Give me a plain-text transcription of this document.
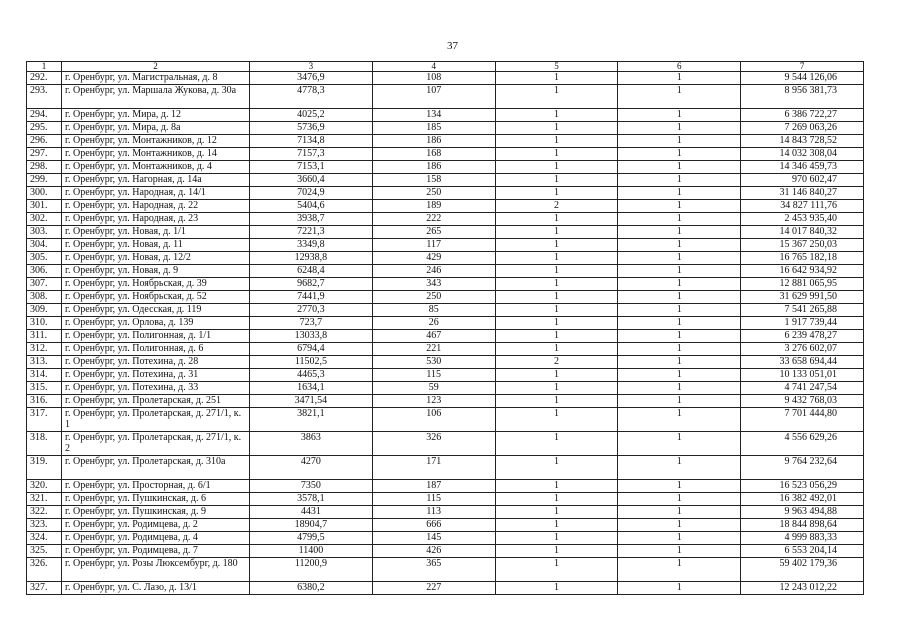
37
1	2	3	4	5	6	7
292.	г. Оренбург, ул. Магистральная, д. 8	3476,9	108	1	1	9 544 126,06
293.	г. Оренбург, ул. Маршала Жукова, д. 30а	4778,3	107	1	1	8 956 381,73
294.	г. Оренбург, ул. Мира, д. 12	4025,2	134	1	1	6 386 722,27
295.	г. Оренбург, ул. Мира, д. 8а	5736,9	185	1	1	7 269 063,26
296.	г. Оренбург, ул. Монтажников, д. 12	7134,8	186	1	1	14 843 728,52
297.	г. Оренбург, ул. Монтажников, д. 14	7157,3	168	1	1	14 032 308,04
298.	г. Оренбург, ул. Монтажников, д. 4	7153,1	186	1	1	14 346 459,73
299.	г. Оренбург, ул. Нагорная, д. 14а	3660,4	158	1	1	970 602,47
300.	г. Оренбург, ул. Народная, д. 14/1	7024,9	250	1	1	31 146 840,27
301.	г. Оренбург, ул. Народная, д. 22	5404,6	189	2	1	34 827 111,76
302.	г. Оренбург, ул. Народная, д. 23	3938,7	222	1	1	2 453 935,40
303.	г. Оренбург, ул. Новая, д. 1/1	7221,3	265	1	1	14 017 840,32
304.	г. Оренбург, ул. Новая, д. 11	3349,8	117	1	1	15 367 250,03
305.	г. Оренбург, ул. Новая, д. 12/2	12938,8	429	1	1	16 765 182,18
306.	г. Оренбург, ул. Новая, д. 9	6248,4	246	1	1	16 642 934,92
307.	г. Оренбург, ул. Ноябрьская, д. 39	9682,7	343	1	1	12 881 065,95
308.	г. Оренбург, ул. Ноябрьская, д. 52	7441,9	250	1	1	31 629 991,50
309.	г. Оренбург, ул. Одесская, д. 119	2770,3	85	1	1	7 541 265,88
310.	г. Оренбург, ул. Орлова, д. 139	723,7	26	1	1	1 917 739,44
311.	г. Оренбург, ул. Полигонная, д. 1/1	13033,8	467	1	1	6 239 478,27
312.	г. Оренбург, ул. Полигонная, д. 6	6794,4	221	1	1	3 276 602,07
313.	г. Оренбург, ул. Потехина, д. 28	11502,5	530	2	1	33 658 694,44
314.	г. Оренбург, ул. Потехина, д. 31	4465,3	115	1	1	10 133 051,01
315.	г. Оренбург, ул. Потехина, д. 33	1634,1	59	1	1	4 741 247,54
316.	г. Оренбург, ул. Пролетарская, д. 251	3471,54	123	1	1	9 432 768,03
317.	г. Оренбург, ул. Пролетарская, д. 271/1, к. 1	3821,1	106	1	1	7 701 444,80
318.	г. Оренбург, ул. Пролетарская, д. 271/1, к. 2	3863	326	1	1	4 556 629,26
319.	г. Оренбург, ул. Пролетарская, д. 310а	4270	171	1	1	9 764 232,64
320.	г. Оренбург, ул. Просторная, д. 6/1	7350	187	1	1	16 523 056,29
321.	г. Оренбург, ул. Пушкинская, д. 6	3578,1	115	1	1	16 382 492,01
322.	г. Оренбург, ул. Пушкинская, д. 9	4431	113	1	1	9 963 494,88
323.	г. Оренбург, ул. Родимцева, д. 2	18904,7	666	1	1	18 844 898,64
324.	г. Оренбург, ул. Родимцева, д. 4	4799,5	145	1	1	4 999 883,33
325.	г. Оренбург, ул. Родимцева, д. 7	11400	426	1	1	6 553 204,14
326.	г. Оренбург, ул. Розы Люксембург, д. 180	11200,9	365	1	1	59 402 179,36
327.	г. Оренбург, ул. С. Лазо, д. 13/1	6380,2	227	1	1	12 243 012,22
